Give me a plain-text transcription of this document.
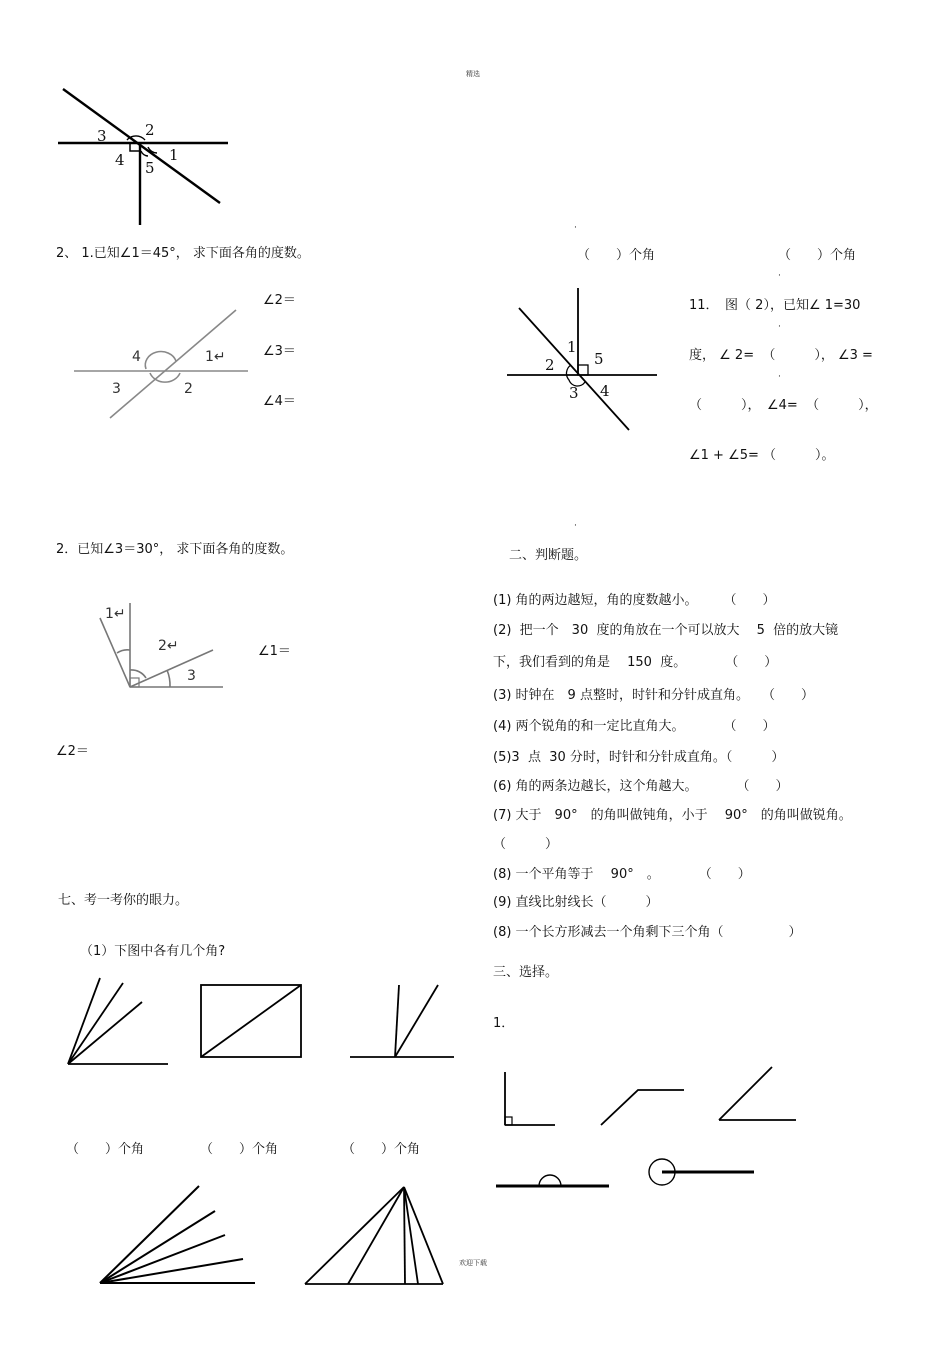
精选
欢迎下载
·
·
·
·
·
3	2
4	1
5
2、 1.已知∠1＝45°， 求下面各角的度数。
4	1↵
3	2
∠2＝
∠3＝
∠4＝
2．已知∠3＝30°， 求下面各角的度数。
1↵
2↵
3
∠1＝
∠2＝
七、考一考你的眼力。
（1）下图中各有几个角?
（　　）个角	（　　）个角	（　　）个角
（　　）个角	（　　）个角
1
5
2
3 4
11．　图（ 2），已知∠ 1=30
度， ∠ 2=  （　　　）， ∠3 =
（　　　），　∠4=  （　　　），
∠1 + ∠5= （　　　）。
二、判断题。
(1) 角的两边越短，角的度数越小。　　　（　　）
(2)  把一个　30  度的角放在一个可以放大　 5  倍的放大镜
下，我们看到的角是　 150  度。　　　　（　　）
(3) 时钟在　9 点整时，时针和分针成直角。　　（　　）
(4) 两个锐角的和一定比直角大。　　　　（　　）
(5)3  点  30 分时，时针和分针成直角。（　　　）
(6) 角的两条边越长，这个角越大。　　　　（　　）
(7) 大于　90°　的角叫做钝角，小于　 90°　的角叫做锐角。
（　　　）
(8) 一个平角等于　 90°　。　　　　（　　）
(9) 直线比射线长（　　　）
(8) 一个长方形减去一个角剩下三个角（　　　　　）
三、选择。
1．
